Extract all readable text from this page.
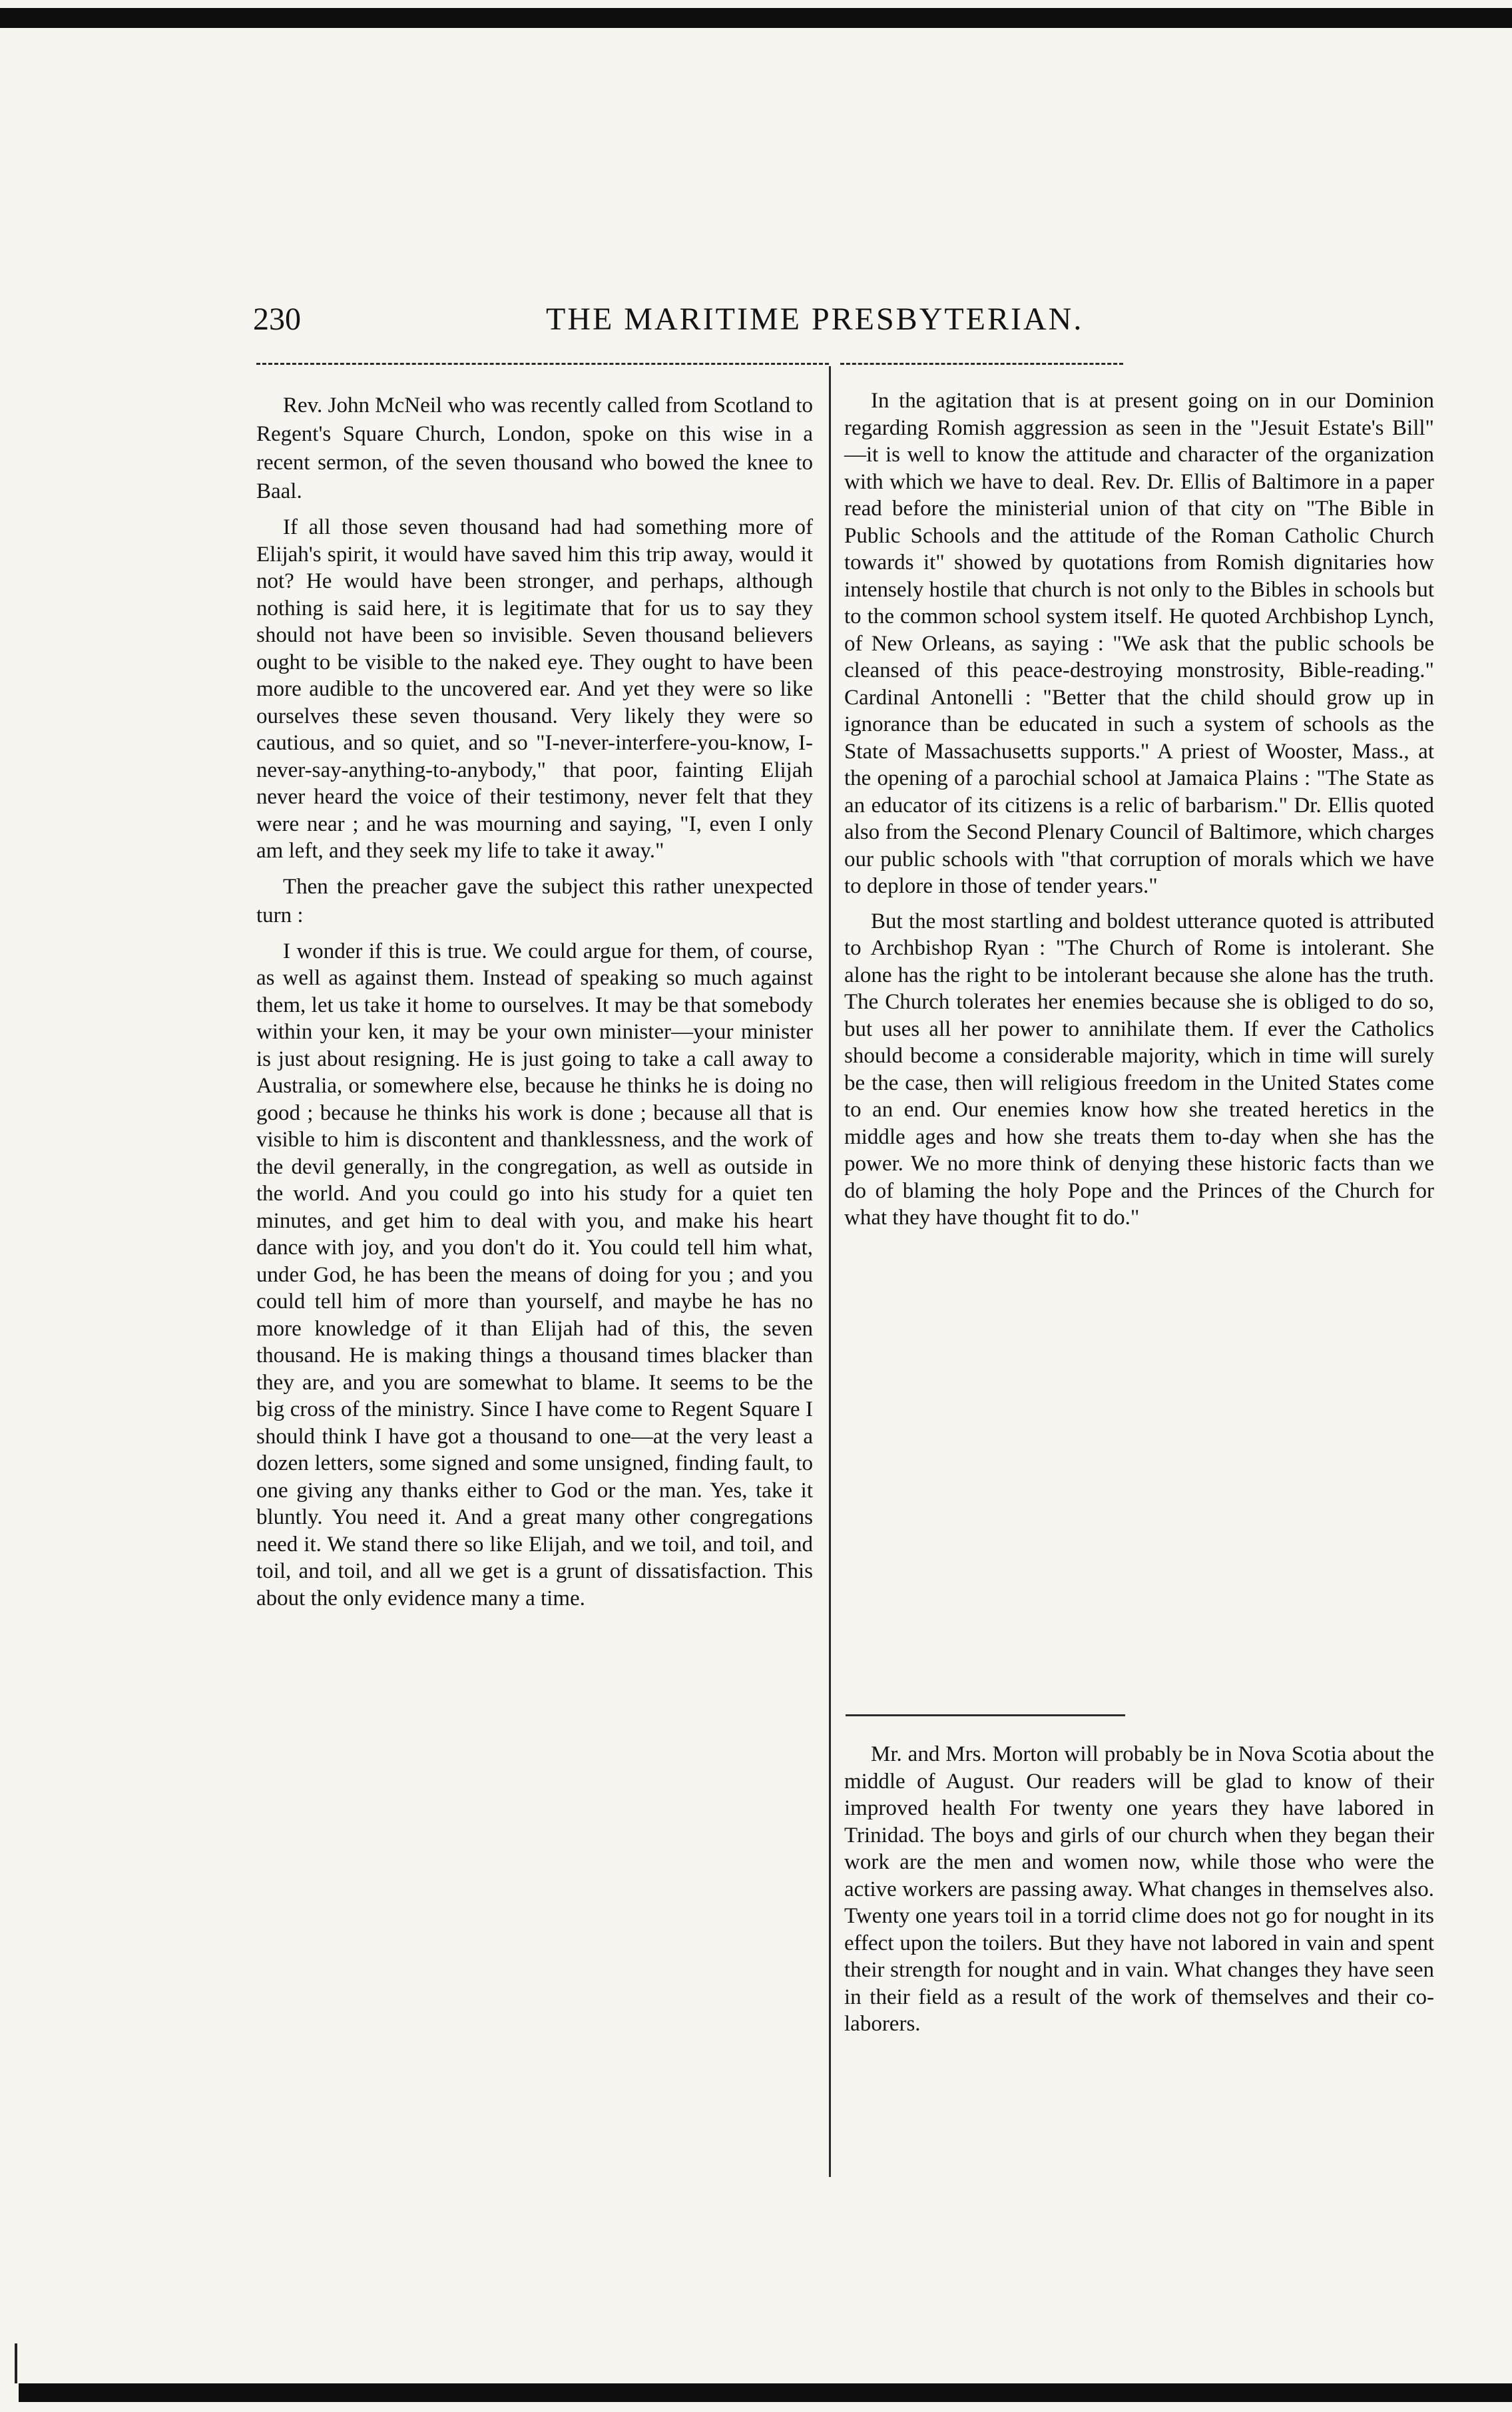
230	THE MARITIME PRESBYTERIAN.

Rev. John McNeil who was recently called from Scotland to Regent's Square Church, London, spoke on this wise in a recent sermon, of the seven thousand who bowed the knee to Baal.

If all those seven thousand had had something more of Elijah's spirit, it would have saved him this trip away, would it not? He would have been stronger, and perhaps, although nothing is said here, it is legitimate that for us to say they should not have been so invisible. Seven thousand believers ought to be visible to the naked eye. They ought to have been more audible to the uncovered ear. And yet they were so like ourselves these seven thousand. Very likely they were so cautious, and so quiet, and so "I-never-interfere-you-know, I-never-say-anything-to-anybody," that poor, fainting Elijah never heard the voice of their testimony, never felt that they were near ; and he was mourning and saying, "I, even I only am left, and they seek my life to take it away."

Then the preacher gave the subject this rather unexpected turn :

I wonder if this is true. We could argue for them, of course, as well as against them. Instead of speaking so much against them, let us take it home to ourselves. It may be that somebody within your ken, it may be your own minister—your minister is just about resigning. He is just going to take a call away to Australia, or somewhere else, because he thinks he is doing no good ; because he thinks his work is done ; because all that is visible to him is discontent and thanklessness, and the work of the devil generally, in the congregation, as well as outside in the world. And you could go into his study for a quiet ten minutes, and get him to deal with you, and make his heart dance with joy, and you don't do it. You could tell him what, under God, he has been the means of doing for you ; and you could tell him of more than yourself, and maybe he has no more knowledge of it than Elijah had of this, the seven thousand. He is making things a thousand times blacker than they are, and you are somewhat to blame. It seems to be the big cross of the ministry. Since I have come to Regent Square I should think I have got a thousand to one—at the very least a dozen letters, some signed and some unsigned, finding fault, to one giving any thanks either to God or the man. Yes, take it bluntly. You need it. And a great many other congregations need it. We stand there so like Elijah, and we toil, and toil, and toil, and toil, and all we get is a grunt of dissatisfaction. This about the only evidence many a time.

In the agitation that is at present going on in our Dominion regarding Romish aggression as seen in the "Jesuit Estate's Bill" —it is well to know the attitude and character of the organization with which we have to deal. Rev. Dr. Ellis of Baltimore in a paper read before the ministerial union of that city on "The Bible in Public Schools and the attitude of the Roman Catholic Church towards it" showed by quotations from Romish dignitaries how intensely hostile that church is not only to the Bibles in schools but to the common school system itself. He quoted Archbishop Lynch, of New Orleans, as saying : "We ask that the public schools be cleansed of this peace-destroying monstrosity, Bible-reading." Cardinal Antonelli : "Better that the child should grow up in ignorance than be educated in such a system of schools as the State of Massachusetts supports." A priest of Wooster, Mass., at the opening of a parochial school at Jamaica Plains : "The State as an educator of its citizens is a relic of barbarism." Dr. Ellis quoted also from the Second Plenary Council of Baltimore, which charges our public schools with "that corruption of morals which we have to deplore in those of tender years."

But the most startling and boldest utterance quoted is attributed to Archbishop Ryan : "The Church of Rome is intolerant. She alone has the right to be intolerant because she alone has the truth. The Church tolerates her enemies because she is obliged to do so, but uses all her power to annihilate them. If ever the Catholics should become a considerable majority, which in time will surely be the case, then will religious freedom in the United States come to an end. Our enemies know how she treated heretics in the middle ages and how she treats them to-day when she has the power. We no more think of denying these historic facts than we do of blaming the holy Pope and the Princes of the Church for what they have thought fit to do."

Mr. and Mrs. Morton will probably be in Nova Scotia about the middle of August. Our readers will be glad to know of their improved health For twenty one years they have labored in Trinidad. The boys and girls of our church when they began their work are the men and women now, while those who were the active workers are passing away. What changes in themselves also. Twenty one years toil in a torrid clime does not go for nought in its effect upon the toilers. But they have not labored in vain and spent their strength for nought and in vain. What changes they have seen in their field as a result of the work of themselves and their co-laborers.
